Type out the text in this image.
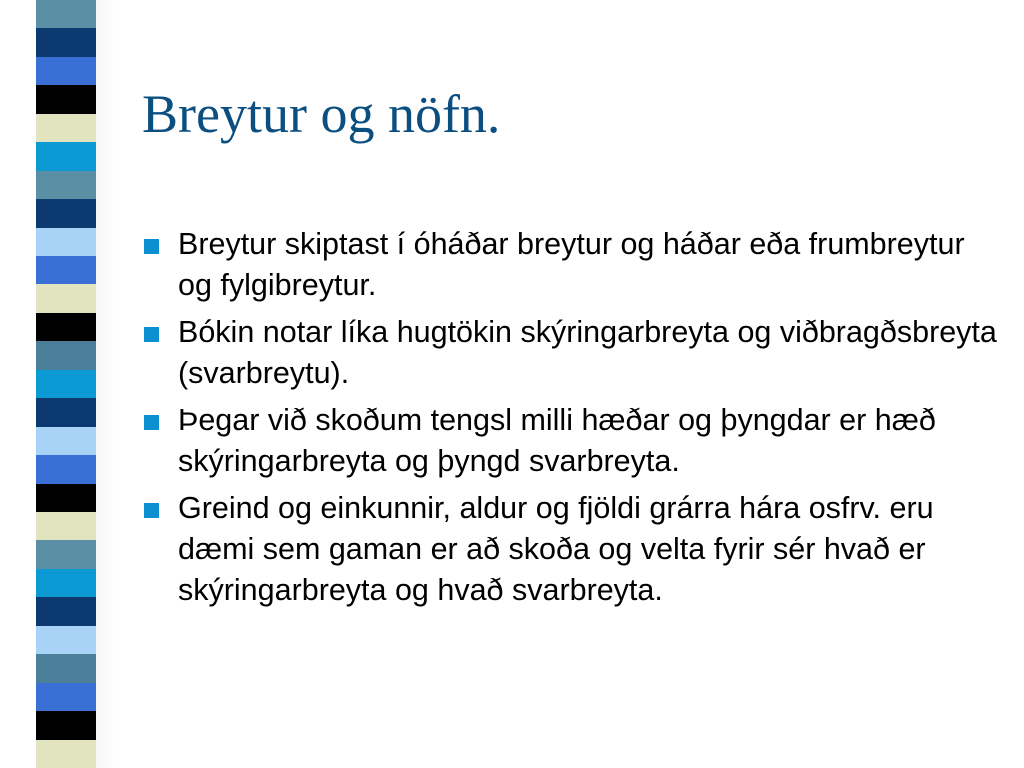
Breytur og nöfn.
Breytur skiptast í óháðar breytur og háðar eða frumbreytur og fylgibreytur.
Bókin notar líka hugtökin skýringarbreyta og viðbragðsbreyta (svarbreytu).
Þegar við skoðum tengsl milli hæðar og þyngdar er hæð skýringarbreyta og þyngd svarbreyta.
Greind og einkunnir, aldur og fjöldi grárra hára osfrv. eru dæmi sem gaman er að skoða og velta fyrir sér hvað er skýringarbreyta og hvað svarbreyta.
